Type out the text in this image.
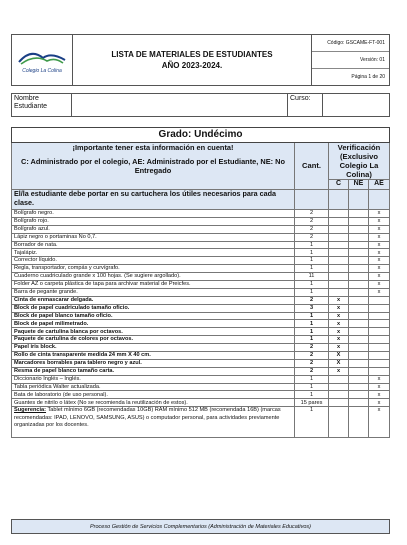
Colegio La Colina
LISTA DE MATERIALES DE ESTUDIANTES
AÑO 2023-2024.
Código: GSCAME-FT-001
Versión: 01
Página 1 de 20
Nombre Estudiante
Curso:
Grado: Undécimo				

¡Importante tener esta información en cuenta!
C: Administrado por el colegio, AE: Administrado por el Estudiante, NE: No Entregado	Cant.	Verificación (Exclusivo Colegio La Colina)		
		C	NE	AE
El/la estudiante debe portar en su cartuchera los útiles necesarios para cada clase.				
Bolígrafo negro.	2			x
Bolígrafo rojo.	2			x
Bolígrafo azul.	2			x
Lápiz negro o portaminas No 0,7.	2			x
Borrador de nata.	1			x
Tajalápiz.	1			x
Corrector líquido.	1			x
Regla, transportador, compás y curvígrafo.	1			x
Cuaderno cuadriculado grande x 100 hojas. (Se sugiere argollado).	11			x
Folder AZ o carpeta plástica de tapa para archivar material de Preicfes.	1			x
Barra de pegante grande.	1			x
Cinta de enmascarar delgada.	2	x		
Block de papel cuadriculado tamaño oficio.	3	x		
Block de papel blanco tamaño oficio.	1	x		
Block de papel milimetrado.	1	x		
Paquete de cartulina blanca por octavos.	1	x		
Paquete de cartulina de colores por octavos.	1	x		
Papel iris block.	2	x		
Rollo de cinta transparente medida 24 mm X 40 cm.	2	X		
Marcadores borrables para tablero negro y azul.	2	X		
Resma de papel blanco tamaño carta.	2	x		
Diccionario Inglés – Inglés.	1			x
Tabla periódica Walter actualizada.	1			x
Bata de laboratorio (de uso personal).	1			x
Guantes de nitrilo o látex (No se recomienda la reutilización de estos).	15 pares			x
Sugerencia: Tablet mínimo 6GB (recomendadas 10GB) RAM mínimo 512 MB (recomendada 16B) (marcas recomendadas: IPAD, LENOVO, SAMSUNG, ASUS) o computador personal, para actividades previamente organizadas por los docentes.	1			x
Proceso Gestión de Servicios Complementarios (Administración de Materiales Educativos)
